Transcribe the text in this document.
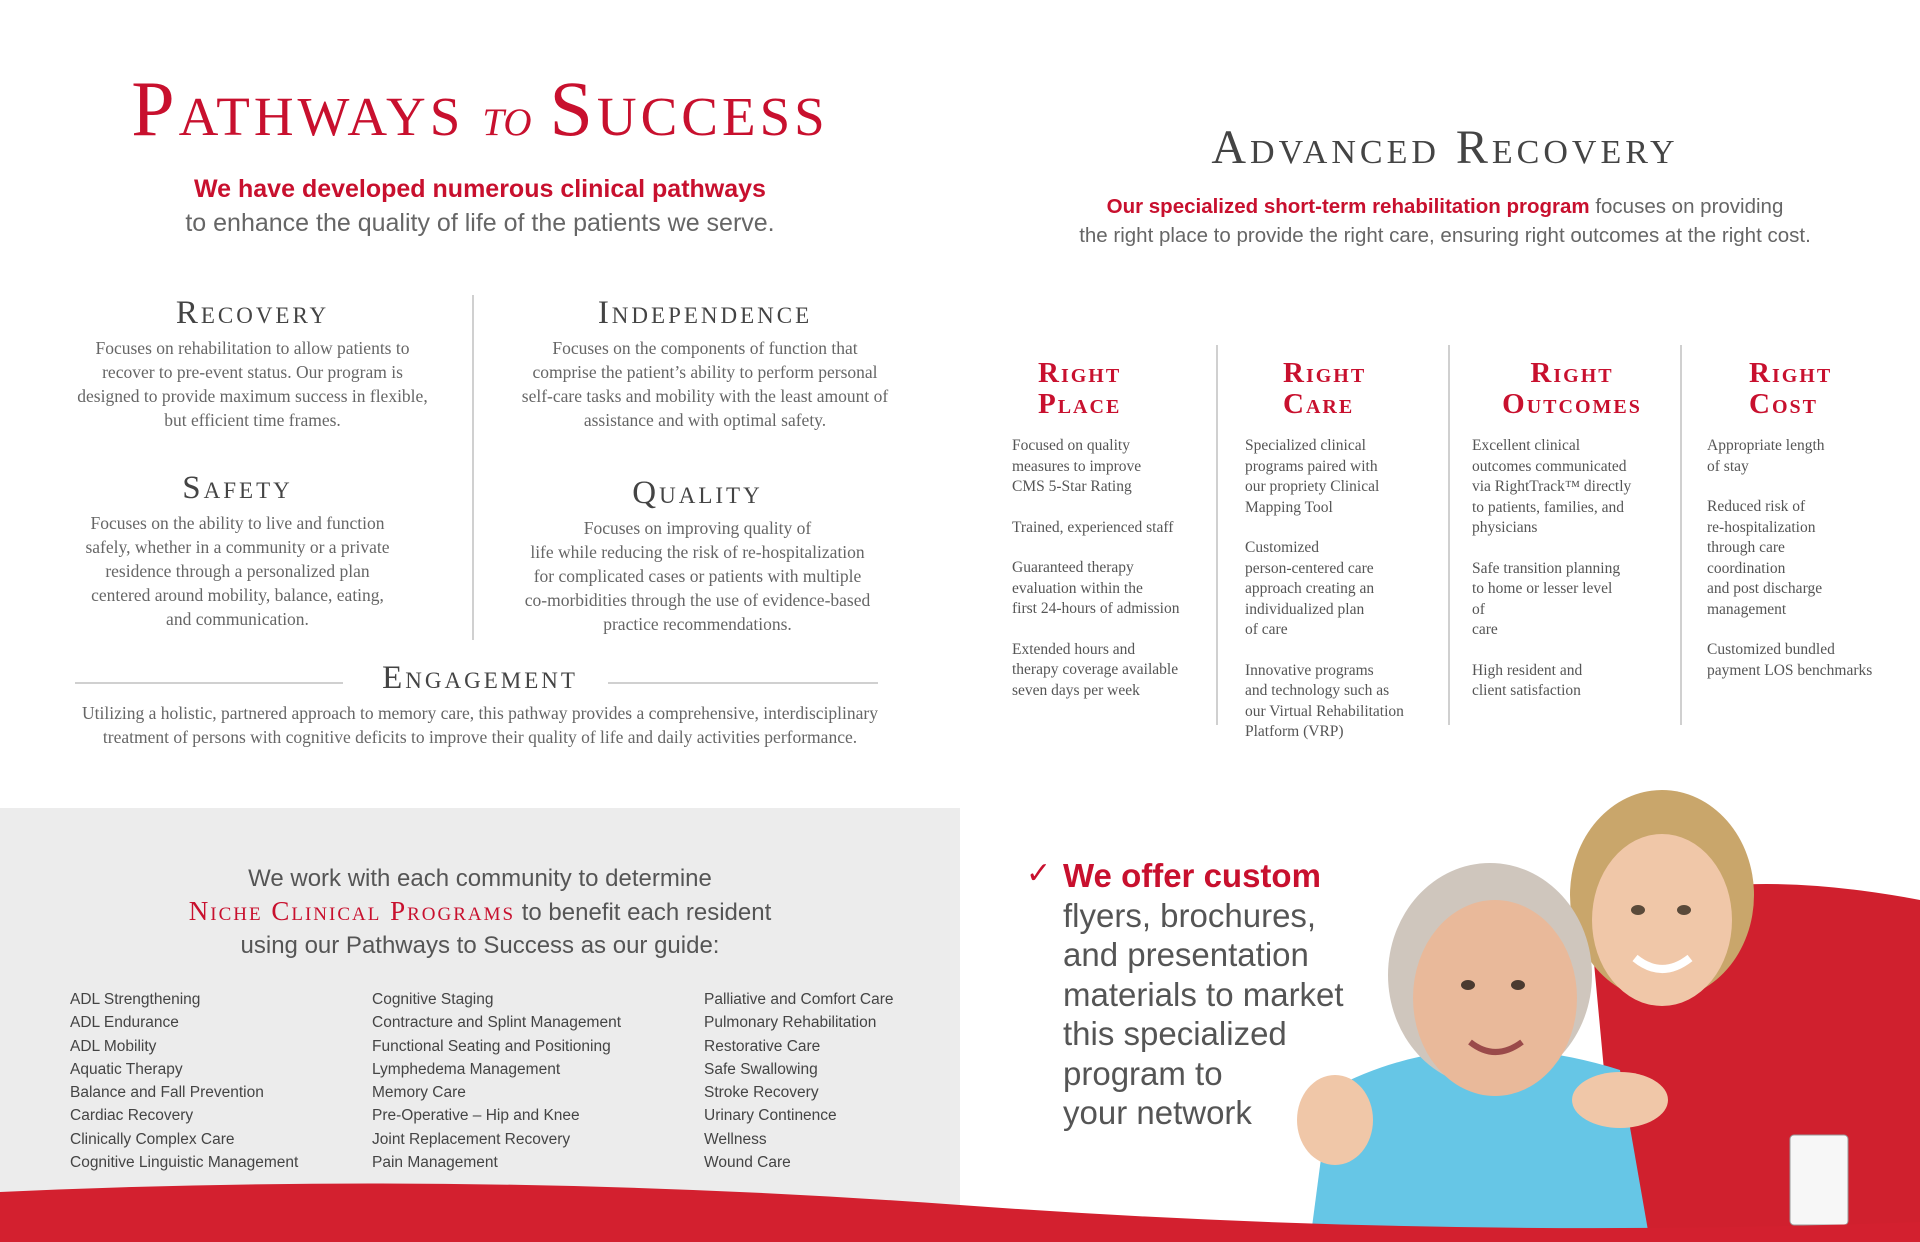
Pathways to Success
We have developed numerous clinical pathways
to enhance the quality of life of the patients we serve.
Recovery

Focuses on rehabilitation to allow patients to
recover to pre-event status. Our program is
designed to provide maximum success in flexible,
but efficient time frames.

Independence

Focuses on the components of function that
comprise the patient’s ability to perform personal
self-care tasks and mobility with the least amount of
assistance and with optimal safety.

Safety

Focuses on the ability to live and function
safely, whether in a community or a private
residence through a personalized plan
centered around mobility, balance, eating,
and communication.

Quality

Focuses on improving quality of
life while reducing the risk of re-hospitalization
for complicated cases or patients with multiple
co-morbidities through the use of evidence-based
practice recommendations.

Engagement

Utilizing a holistic, partnered approach to memory care, this pathway provides a comprehensive, interdisciplinary
treatment of persons with cognitive deficits to improve their quality of life and daily activities performance.

Advanced Recovery
Our specialized short-term rehabilitation program focuses on providing
the right place to provide the right care, ensuring right outcomes at the right cost.
Right
Place
Focused on quality
measures to improve
CMS 5-Star Rating
Trained, experienced staff
Guaranteed therapy
evaluation within the
first 24-hours of admission
Extended hours and
therapy coverage available
seven days per week
Right
Care
Specialized clinical
programs paired with
our propriety Clinical
Mapping Tool
Customized
person-centered care
approach creating an
individualized plan
of care
Innovative programs
and technology such as
our Virtual Rehabilitation
Platform (VRP)
Right
Outcomes
Excellent clinical
outcomes communicated
via RightTrack™ directly
to patients, families, and
physicians
Safe transition planning
to home or lesser level
of
care
High resident and
client satisfaction
Right
Cost
Appropriate length
of stay
Reduced risk of
re-hospitalization
through care
coordination
and post discharge
management
Customized bundled
payment LOS benchmarks
We work with each community to determine
Niche Clinical Programs to benefit each resident
using our Pathways to Success as our guide:
ADL Strengthening
ADL Endurance
ADL Mobility
Aquatic Therapy
Balance and Fall Prevention
Cardiac Recovery
Clinically Complex Care
Cognitive Linguistic Management
Cognitive Staging
Contracture and Splint Management
Functional Seating and Positioning
Lymphedema Management
Memory Care
Pre-Operative – Hip and Knee
Joint Replacement Recovery
Pain Management
Palliative and Comfort Care
Pulmonary Rehabilitation
Restorative Care
Safe Swallowing
Stroke Recovery
Urinary Continence
Wellness
Wound Care
✓ We offer custom
flyers, brochures,
and presentation
materials to market
this specialized
program to
your network
